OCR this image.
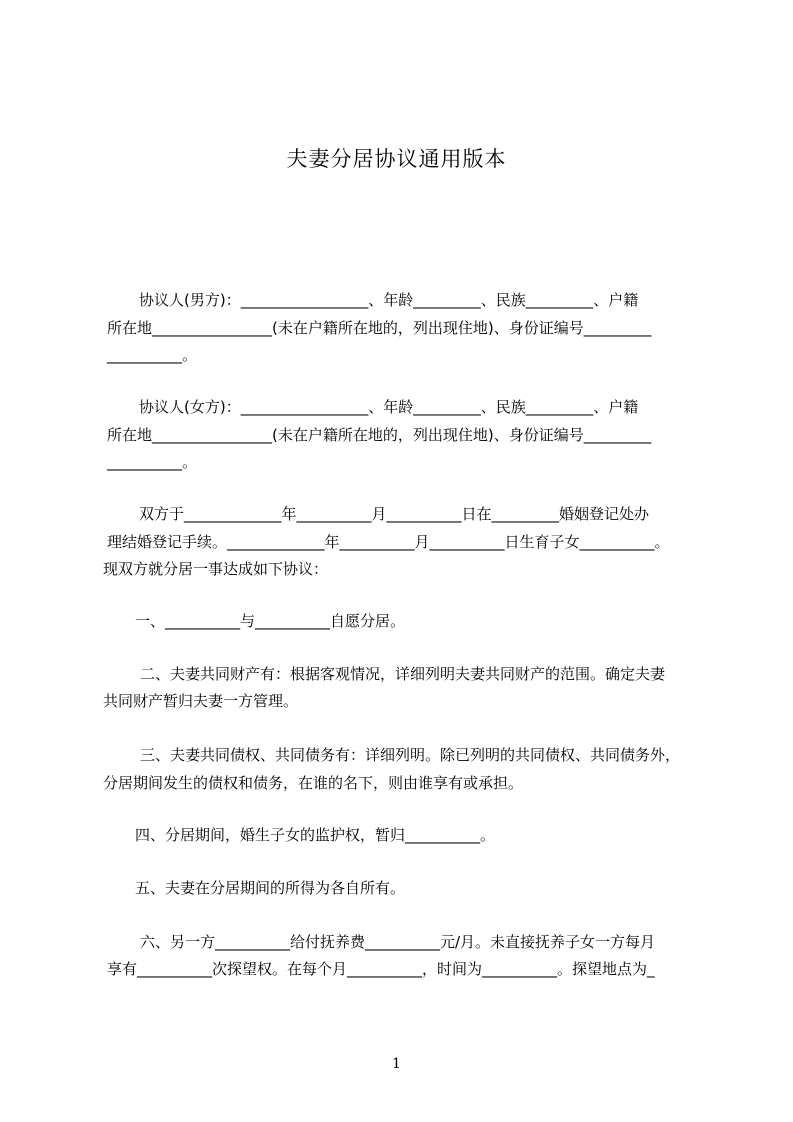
夫妻分居协议通用版本

协议人(男方)：_________________、年龄_________、民族_________、户籍

所在地________________(未在户籍所在地的，列出现住地)、身份证编号_________

__________。

协议人(女方)：_________________、年龄_________、民族_________、户籍

所在地________________(未在户籍所在地的，列出现住地)、身份证编号_________

__________。

双方于_____________年__________月__________日在_________婚姻登记处办

理结婚登记手续。_____________年__________月__________日生育子女__________。

现双方就分居一事达成如下协议：

一、__________与__________自愿分居。

二、夫妻共同财产有：根据客观情况，详细列明夫妻共同财产的范围。确定夫妻

共同财产暂归夫妻一方管理。

三、夫妻共同债权、共同债务有：详细列明。除已列明的共同债权、共同债务外，

分居期间发生的债权和债务，在谁的名下，则由谁享有或承担。

四、分居期间，婚生子女的监护权，暂归__________。

五、夫妻在分居期间的所得为各自所有。

六、另一方__________给付抚养费__________元/月。未直接抚养子女一方每月

享有__________次探望权。在每个月__________，时间为__________。探望地点为_

1
